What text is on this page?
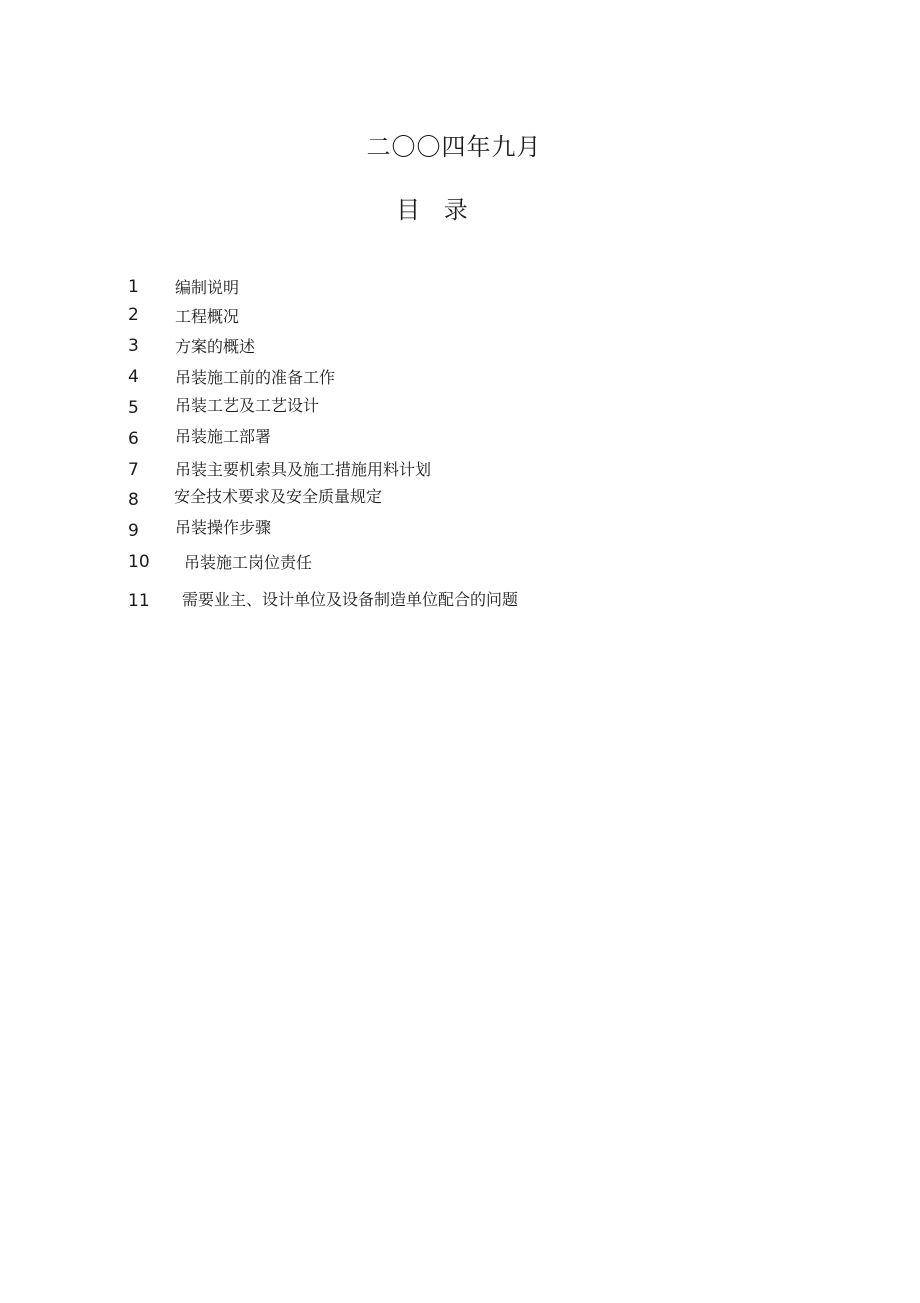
二〇〇四年九月
目 录
1 编制说明
2 工程概况
3 方案的概述
4 吊装施工前的准备工作
5 吊装工艺及工艺设计
6 吊装施工部署
7 吊装主要机索具及施工措施用料计划
8 安全技术要求及安全质量规定
9 吊装操作步骤
10 吊装施工岗位责任
11 需要业主、设计单位及设备制造单位配合的问题
